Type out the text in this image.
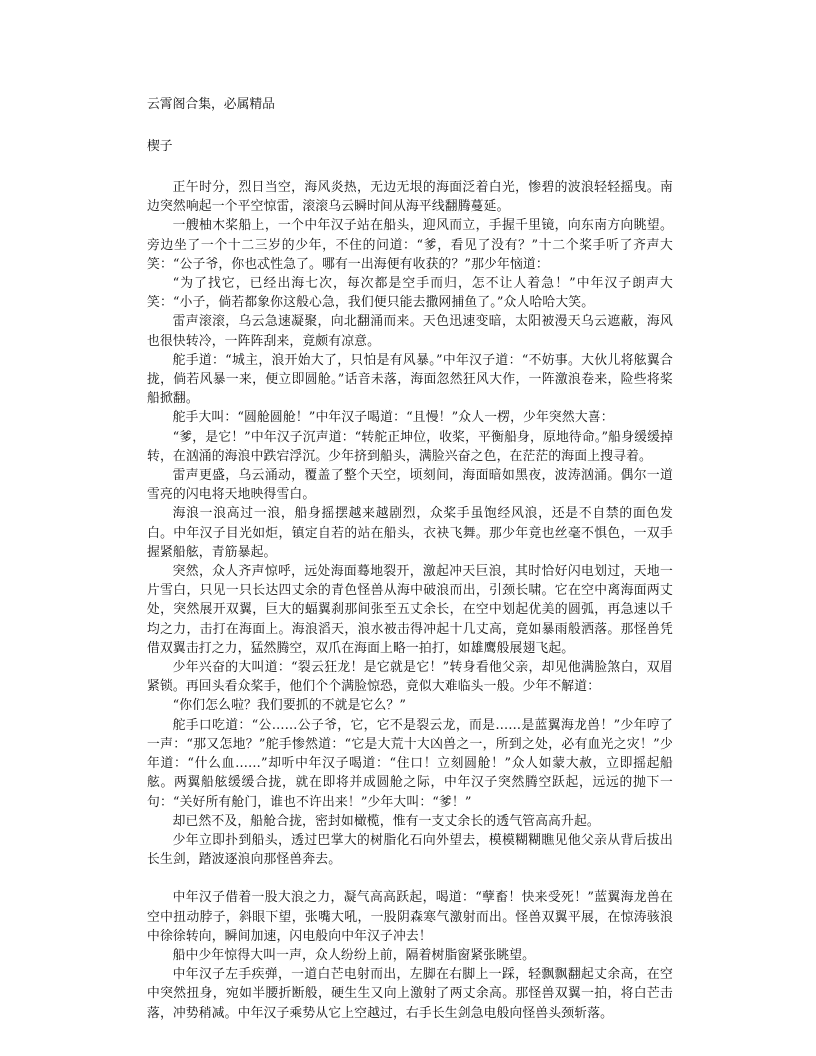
云霄阁合集，必属精品

楔子

正午时分，烈日当空，海风炎热，无边无垠的海面泛着白光，惨碧的波浪轻轻摇曳。南边突然响起一个平空惊雷，滚滚乌云瞬时间从海平线翻腾蔓延。

一艘柚木桨船上，一个中年汉子站在船头，迎风而立，手握千里镜，向东南方向眺望。旁边坐了一个十二三岁的少年，不住的问道：“爹，看见了没有？”十二个桨手听了齐声大笑：“公子爷，你也忒性急了。哪有一出海便有收获的？”那少年恼道：

“为了找它，已经出海七次，每次都是空手而归，怎不让人着急！”中年汉子朗声大笑：“小子，倘若都象你这般心急，我们便只能去撒网捕鱼了。”众人哈哈大笑。

雷声滚滚，乌云急速凝聚，向北翻涌而来。天色迅速变暗，太阳被漫天乌云遮蔽，海风也很快转冷，一阵阵刮来，竟颇有凉意。

舵手道：“城主，浪开始大了，只怕是有风暴。”中年汉子道：“不妨事。大伙儿将舷翼合拢，倘若风暴一来，便立即圆舱。”话音未落，海面忽然狂风大作，一阵激浪卷来，险些将桨船掀翻。

舵手大叫：“圆舱圆舱！”中年汉子喝道：“且慢！”众人一楞，少年突然大喜：

“爹，是它！”中年汉子沉声道：“转舵正坤位，收桨，平衡船身，原地待命。”船身缓缓掉转，在汹涌的海浪中跌宕浮沉。少年挤到船头，满脸兴奋之色，在茫茫的海面上搜寻着。

雷声更盛，乌云涌动，覆盖了整个天空，顷刻间，海面暗如黑夜，波涛汹涌。偶尔一道雪亮的闪电将天地映得雪白。

海浪一浪高过一浪，船身摇摆越来越剧烈，众桨手虽饱经风浪，还是不自禁的面色发白。中年汉子目光如炬，镇定自若的站在船头，衣袂飞舞。那少年竟也丝毫不惧色，一双手握紧船舷，青筋暴起。

突然，众人齐声惊呼，远处海面蓦地裂开，激起冲天巨浪，其时恰好闪电划过，天地一片雪白，只见一只长达四丈余的青色怪兽从海中破浪而出，引颈长啸。它在空中离海面两丈处，突然展开双翼，巨大的蝠翼刹那间张至五丈余长，在空中划起优美的圆弧，再急速以千均之力，击打在海面上。海浪滔天，浪水被击得冲起十几丈高，竟如暴雨般洒落。那怪兽凭借双翼击打之力，猛然腾空，双爪在海面上略一拍打，如雄鹰般展翅飞起。

少年兴奋的大叫道：“裂云狂龙！是它就是它！”转身看他父亲，却见他满脸煞白，双眉紧锁。再回头看众桨手，他们个个满脸惊恐，竟似大难临头一般。少年不解道：

“你们怎么啦？我们要抓的不就是它么？”

舵手口吃道：“公……公子爷，它，它不是裂云龙，而是……是蓝翼海龙兽！”少年哼了一声：“那又怎地？”舵手惨然道：“它是大荒十大凶兽之一，所到之处，必有血光之灾！”少年道：“什么血……”却听中年汉子喝道：“住口！立刻圆舱！”众人如蒙大赦，立即摇起船舷。两翼船舷缓缓合拢，就在即将并成圆舱之际，中年汉子突然腾空跃起，远远的抛下一句：“关好所有舱门，谁也不许出来！”少年大叫：“爹！”

却已然不及，船舱合拢，密封如橄榄，惟有一支丈余长的透气管高高升起。

少年立即扑到船头，透过巴掌大的树脂化石向外望去，模模糊糊瞧见他父亲从背后拔出长生剑，踏波逐浪向那怪兽奔去。

中年汉子借着一股大浪之力，凝气高高跃起，喝道：“孽畜！快来受死！”蓝翼海龙兽在空中扭动脖子，斜眼下望，张嘴大吼，一股阴森寒气激射而出。怪兽双翼平展，在惊涛骇浪中徐徐转向，瞬间加速，闪电般向中年汉子冲去！

船中少年惊得大叫一声，众人纷纷上前，隔着树脂窗紧张眺望。

中年汉子左手疾弹，一道白芒电射而出，左脚在右脚上一踩，轻飘飘翻起丈余高，在空中突然扭身，宛如半腰折断般，硬生生又向上激射了两丈余高。那怪兽双翼一拍，将白芒击落，冲势稍减。中年汉子乘势从它上空越过，右手长生剑急电般向怪兽头颈斩落。
